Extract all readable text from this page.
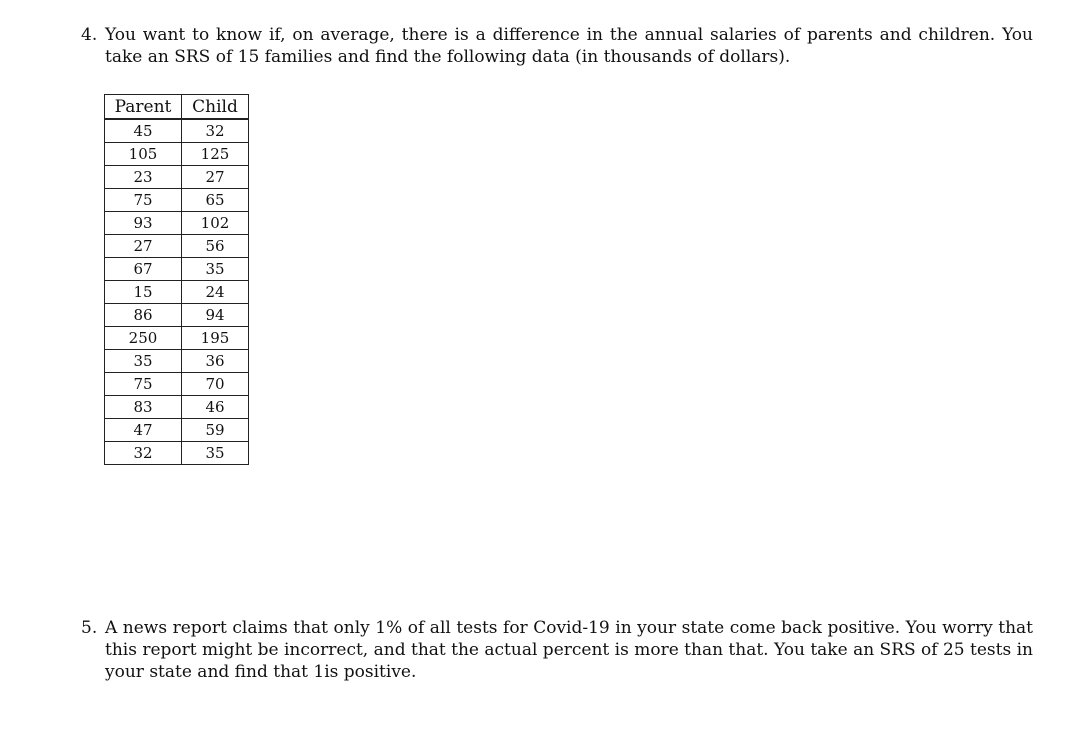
4. You want to know if, on average, there is a difference in the annual salaries of parents and children. You take an SRS of 15 families and find the following data (in thousands of dollars).
Parent	Child
45	32
105	125
23	27
75	65
93	102
27	56
67	35
15	24
86	94
250	195
35	36
75	70
83	46
47	59
32	35
5. A news report claims that only 1% of all tests for Covid-19 in your state come back positive. You worry that this report might be incorrect, and that the actual percent is more than that. You take an SRS of 25 tests in your state and find that 1is positive.
